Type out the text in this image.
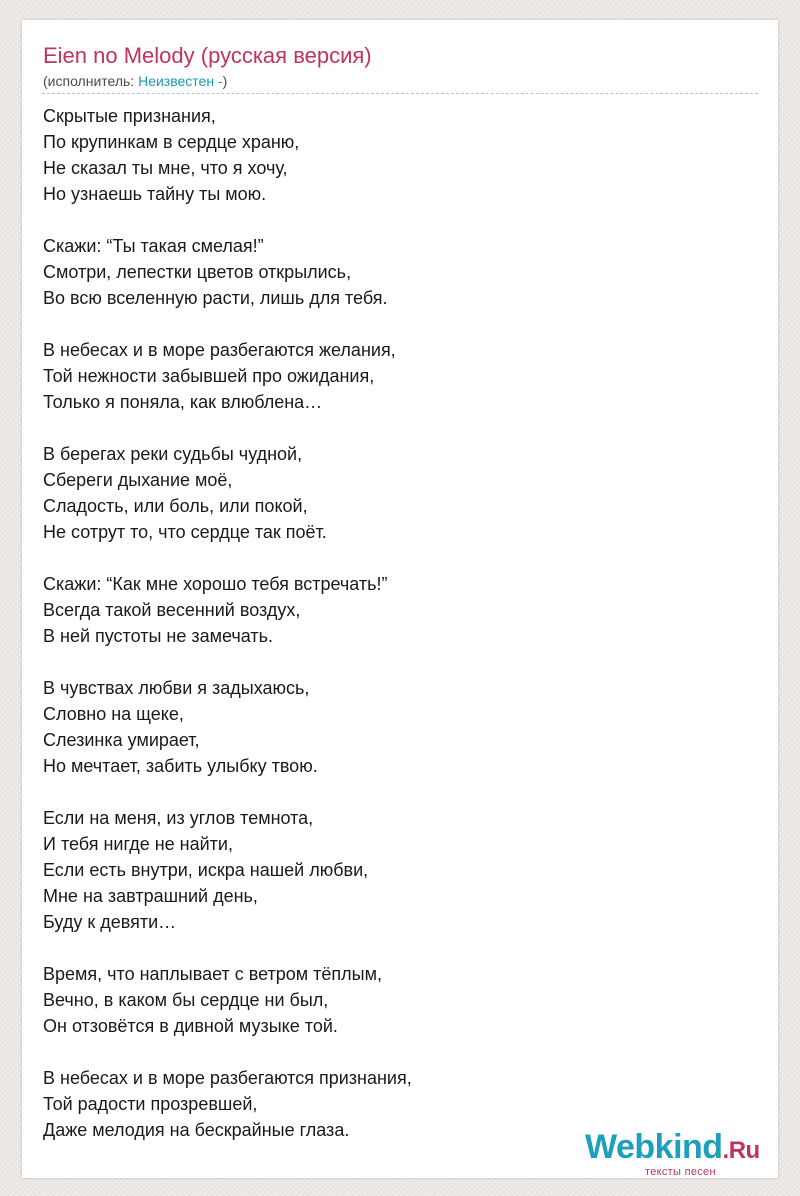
Eien no Melody (русская версия)
(исполнитель: Неизвестен -)
Скрытые признания,
По крупинкам в сердце храню,
Не сказал ты мне, что я хочу,
Но узнаешь тайну ты мою.
Скажи: “Ты такая смелая!”
Смотри, лепестки цветов открылись,
Во всю вселенную расти, лишь для тебя.
В небесах и в море разбегаются желания,
Той нежности забывшей про ожидания,
Только я поняла, как влюблена…
В берегах реки судьбы чудной,
Сбереги дыхание моё,
Сладость, или боль, или покой,
Не сотрут то, что сердце так поёт.
Скажи: “Как мне хорошо тебя встречать!”
Всегда такой весенний воздух,
В ней пустоты не замечать.
В чувствах любви я задыхаюсь,
Словно на щеке,
Слезинка умирает,
Но мечтает, забить улыбку твою.
Если на меня, из углов темнота,
И тебя нигде не найти,
Если есть внутри, искра нашей любви,
Мне на завтрашний день,
Буду к девяти…
Время, что наплывает с ветром тёплым,
Вечно, в каком бы сердце ни был,
Он отзовётся в дивной музыке той.
В небесах и в море разбегаются признания,
Той радости прозревшей,
Даже мелодия на бескрайные глаза.	Webkind.Ru
тексты песен
